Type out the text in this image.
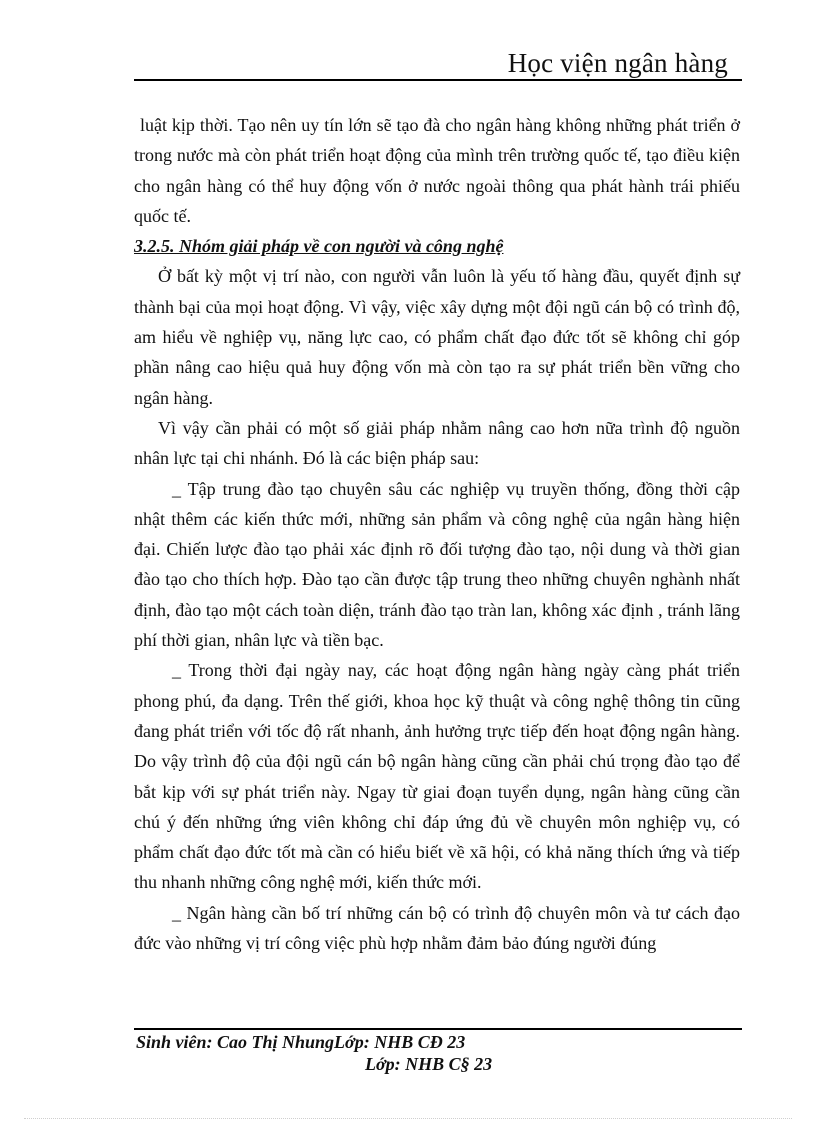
Học viện ngân hàng

luật kịp thời. Tạo nên uy tín lớn sẽ tạo đà cho ngân hàng không những phát triển ở trong nước mà còn phát triển hoạt động của mình trên trường quốc tế, tạo điều kiện cho ngân hàng có thể huy động vốn ở nước ngoài thông qua phát hành trái phiếu quốc tế.

3.2.5. Nhóm giải pháp về con người và công nghệ

Ở bất kỳ một vị trí nào, con người vẫn luôn là yếu tố hàng đầu, quyết định sự thành bại của mọi hoạt động. Vì vậy, việc xây dựng một đội ngũ cán bộ có trình độ, am hiểu về nghiệp vụ, năng lực cao, có phẩm chất đạo đức tốt sẽ không chỉ góp phần nâng cao hiệu quả huy động vốn mà còn tạo ra sự phát triển bền vững cho ngân hàng.

Vì vậy cần phải có một số giải pháp nhằm nâng cao hơn nữa trình độ nguồn nhân lực tại chi nhánh. Đó là các biện pháp sau:

_ Tập trung đào tạo chuyên sâu các nghiệp vụ truyền thống, đồng thời cập nhật thêm các kiến thức mới, những sản phẩm và công nghệ của ngân hàng hiện đại. Chiến lược đào tạo phải xác định rõ đối tượng đào tạo, nội dung và thời gian đào tạo cho thích hợp. Đào tạo cần được tập trung theo những chuyên nghành nhất định, đào tạo một cách toàn diện, tránh đào tạo tràn lan, không xác định , tránh lãng phí thời gian, nhân lực và tiền bạc.

_ Trong thời đại ngày nay, các hoạt động ngân hàng ngày càng phát triển phong phú, đa dạng. Trên thế giới, khoa học kỹ thuật và công nghệ thông tin cũng đang phát triển với tốc độ rất nhanh, ảnh hưởng trực tiếp đến hoạt động ngân hàng. Do vậy trình độ của đội ngũ cán bộ ngân hàng cũng cần phải chú trọng đào tạo để bắt kịp với sự phát triển này. Ngay từ giai đoạn tuyển dụng, ngân hàng cũng cần chú ý đến những ứng viên không chỉ đáp ứng đủ về chuyên môn nghiệp vụ, có phẩm chất đạo đức tốt mà cần có hiểu biết về xã hội, có khả năng thích ứng và tiếp thu nhanh những công nghệ mới, kiến thức mới.

_ Ngân hàng cần bố trí những cán bộ có trình độ chuyên môn và tư cách đạo đức vào những vị trí công việc phù hợp nhằm đảm bảo đúng người đúng

Sinh viên: Cao Thị NhungLớp: NHB CĐ 23
Lớp: NHB C§ 23
